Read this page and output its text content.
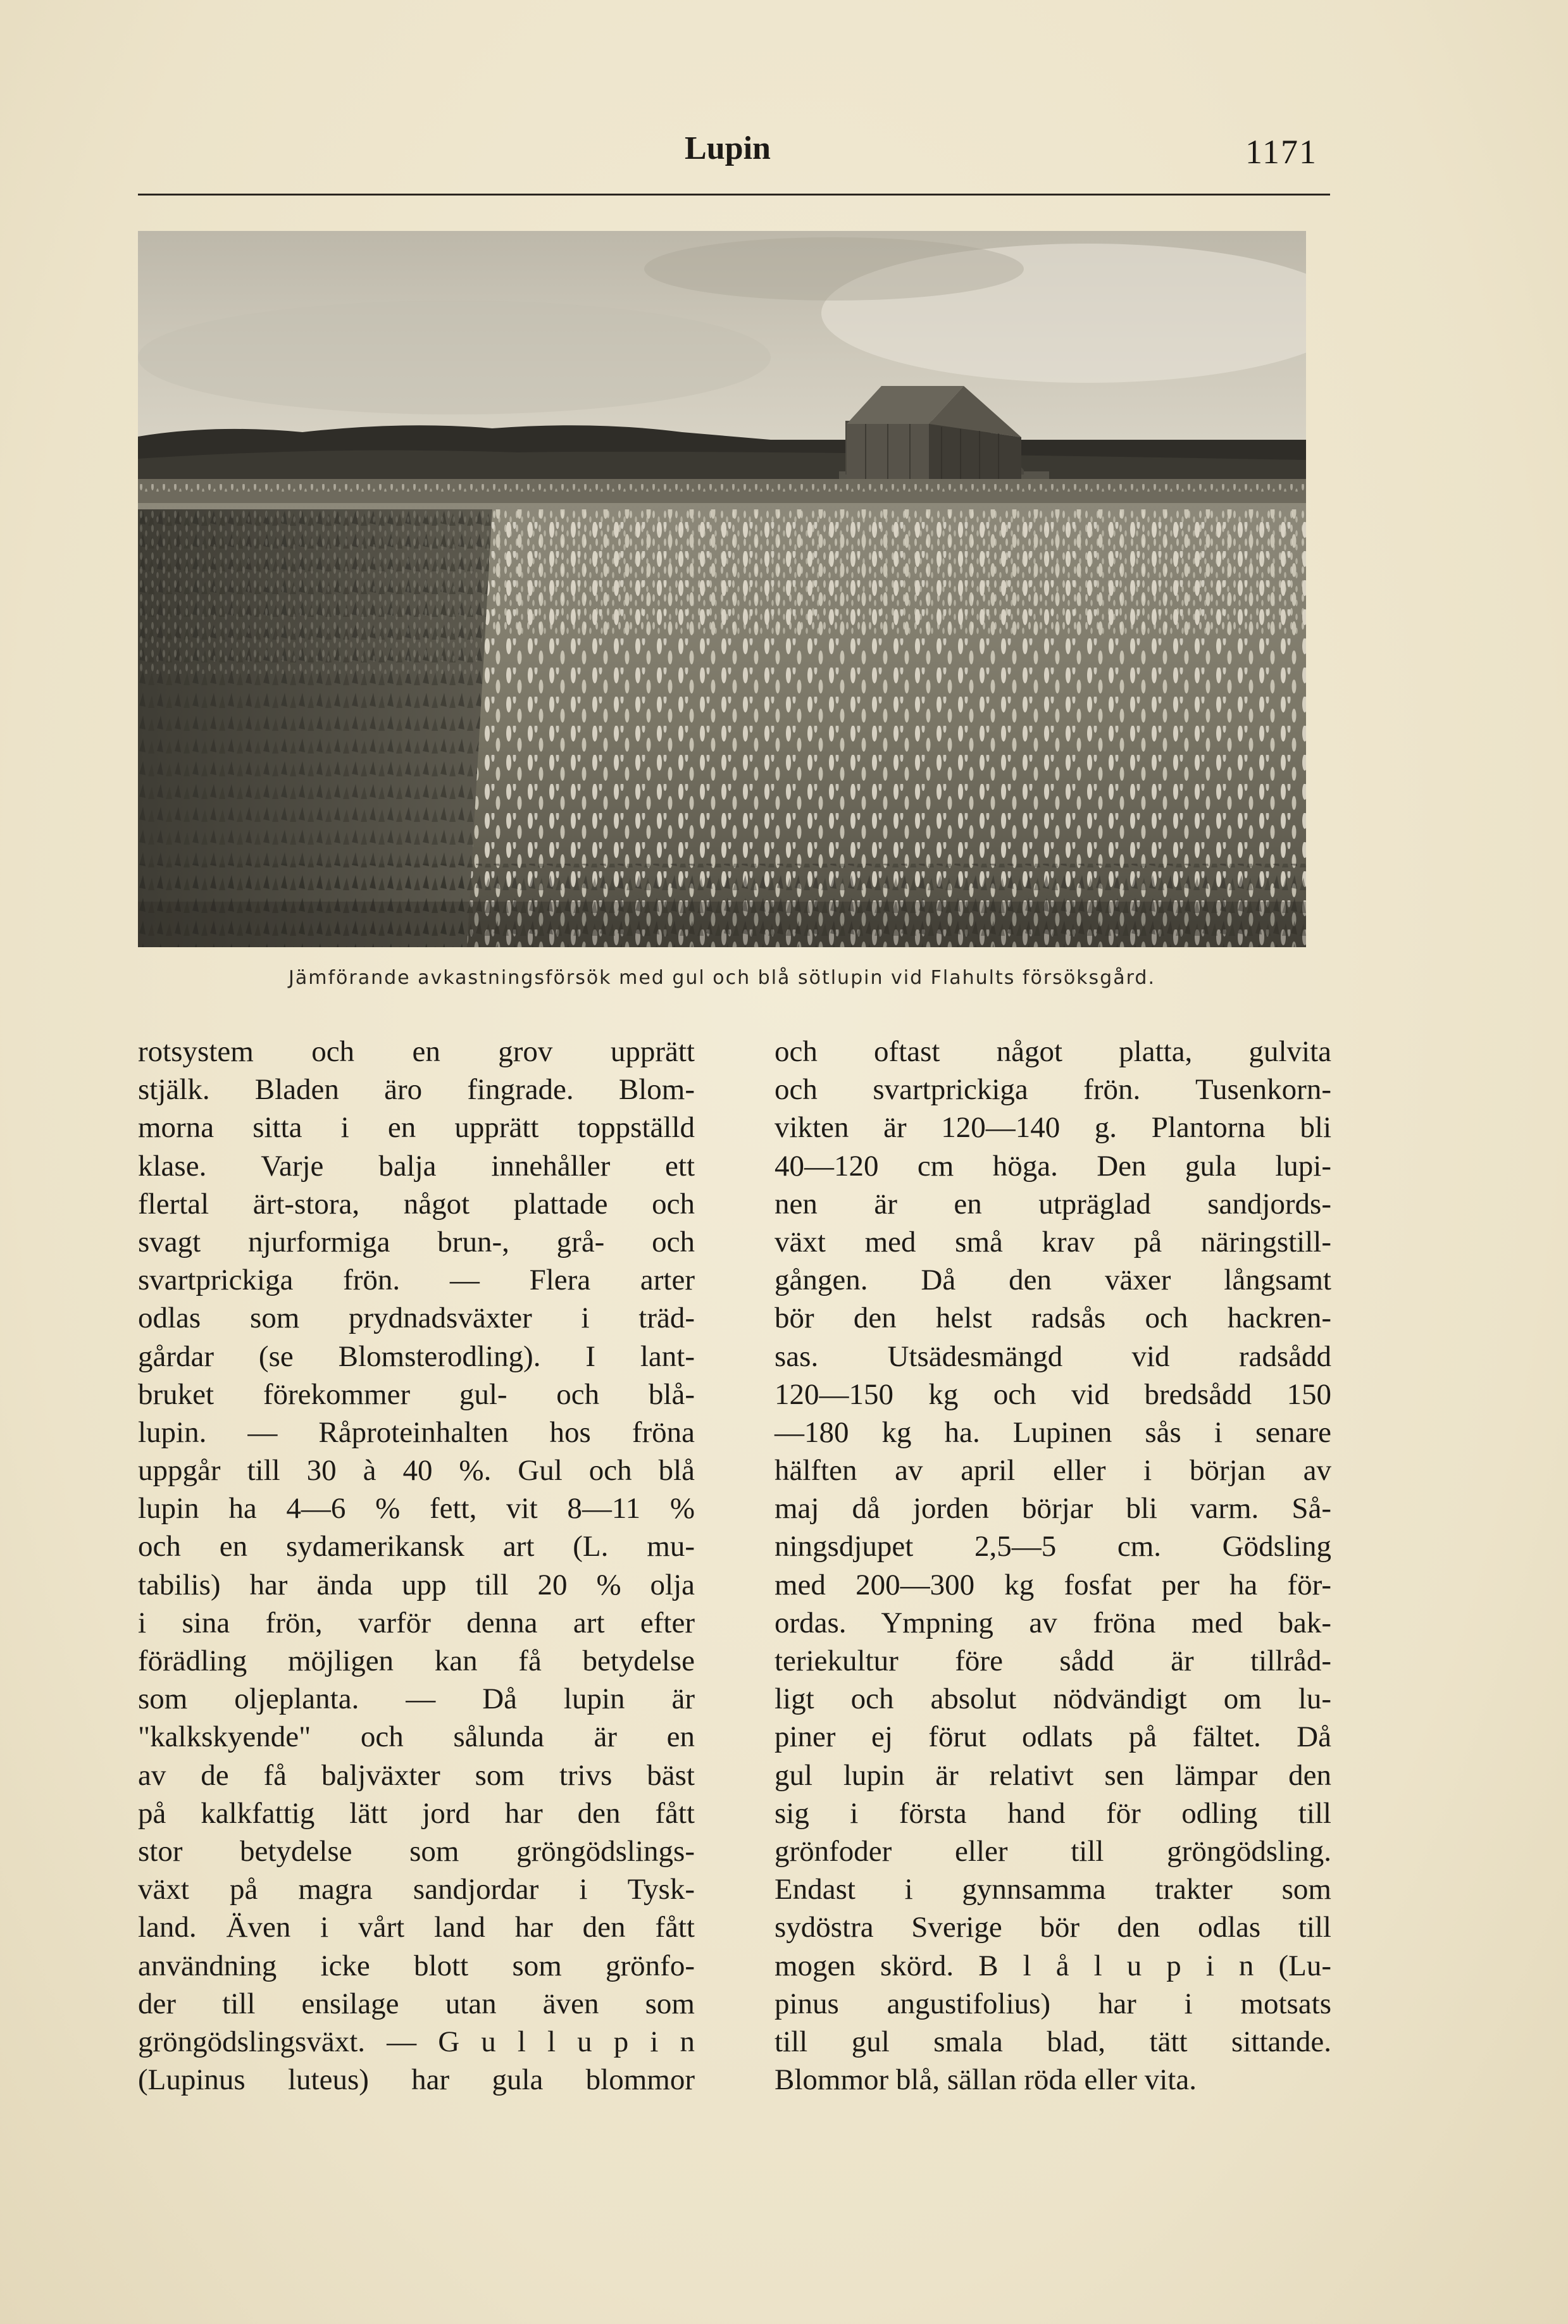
Lupin	1171
Jämförande avkastningsförsök med gul och blå sötlupin vid Flahults försöksgård.
rotsystem och en grov upprätt
stjälk. Bladen äro fingrade. Blom-
morna sitta i en upprätt toppställd
klase. Varje balja innehåller ett
flertal ärt-stora, något plattade och
svagt njurformiga brun-, grå- och
svartprickiga frön. — Flera arter
odlas som prydnadsväxter i träd-
gårdar (se Blomsterodling). I lant-
bruket förekommer gul- och blå-
lupin. — Råproteinhalten hos fröna
uppgår till 30 à 40 %. Gul och blå
lupin ha 4—6 % fett, vit 8—11 %
och en sydamerikansk art (L. mu-
tabilis) har ända upp till 20 % olja
i sina frön, varför denna art efter
förädling möjligen kan få betydelse
som oljeplanta. — Då lupin är
"kalkskyende" och sålunda är en
av de få baljväxter som trivs bäst
på kalkfattig lätt jord har den fått
stor betydelse som gröngödslings-
växt på magra sandjordar i Tysk-
land. Även i vårt land har den fått
användning icke blott som grönfo-
der till ensilage utan även som
gröngödslingsväxt. — G u l l u p i n
(Lupinus luteus) har gula blommor
och oftast något platta, gulvita
och svartprickiga frön. Tusenkorn-
vikten är 120—140 g. Plantorna bli
40—120 cm höga. Den gula lupi-
nen är en utpräglad sandjords-
växt med små krav på näringstill-
gången. Då den växer långsamt
bör den helst radsås och hackren-
sas. Utsädesmängd vid radsådd
120—150 kg och vid bredsådd 150
—180 kg ha. Lupinen sås i senare
hälften av april eller i början av
maj då jorden börjar bli varm. Så-
ningsdjupet 2,5—5 cm. Gödsling
med 200—300 kg fosfat per ha för-
ordas. Ympning av fröna med bak-
teriekultur före sådd är tillråd-
ligt och absolut nödvändigt om lu-
piner ej förut odlats på fältet. Då
gul lupin är relativt sen lämpar den
sig i första hand för odling till
grönfoder eller till gröngödsling.
Endast i gynnsamma trakter som
sydöstra Sverige bör den odlas till
mogen skörd. B l å l u p i n (Lu-
pinus angustifolius) har i motsats
till gul smala blad, tätt sittande.
Blommor blå, sällan röda eller vita.
